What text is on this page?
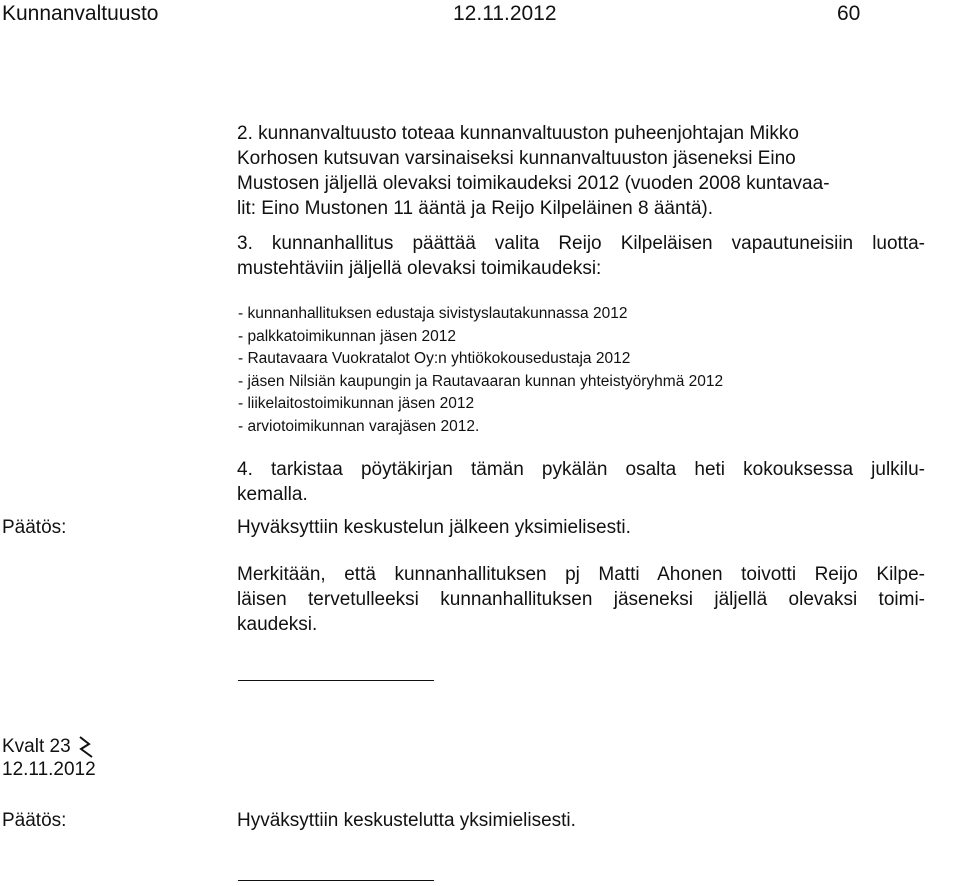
Kunnanvaltuusto	12.11.2012	60
2. kunnanvaltuusto toteaa kunnanvaltuuston puheenjohtajan Mikko
Korhosen kutsuvan varsinaiseksi kunnanvaltuuston jäseneksi Eino
Mustosen jäljellä olevaksi toimikaudeksi 2012 (vuoden 2008 kuntavaa-
lit: Eino Mustonen 11 ääntä ja Reijo Kilpeläinen 8 ääntä).
3. kunnanhallitus päättää valita Reijo Kilpeläisen vapautuneisiin luotta-
mustehtäviin jäljellä olevaksi toimikaudeksi:
- kunnanhallituksen edustaja sivistyslautakunnassa 2012
- palkkatoimikunnan jäsen 2012
- Rautavaara Vuokratalot Oy:n yhtiökokousedustaja 2012
- jäsen Nilsiän kaupungin ja Rautavaaran kunnan yhteistyöryhmä 2012
- liikelaitostoimikunnan jäsen 2012
- arviotoimikunnan varajäsen 2012.
4. tarkistaa pöytäkirjan tämän pykälän osalta heti kokouksessa julkilu-
kemalla.
Päätös:	Hyväksyttiin keskustelun jälkeen yksimielisesti.
Merkitään, että kunnanhallituksen pj Matti Ahonen toivotti Reijo Kilpe-
läisen tervetulleeksi kunnanhallituksen jäseneksi jäljellä olevaksi toimi-
kaudeksi.
Kvalt 23
12.11.2012
Päätös:	Hyväksyttiin keskustelutta yksimielisesti.
